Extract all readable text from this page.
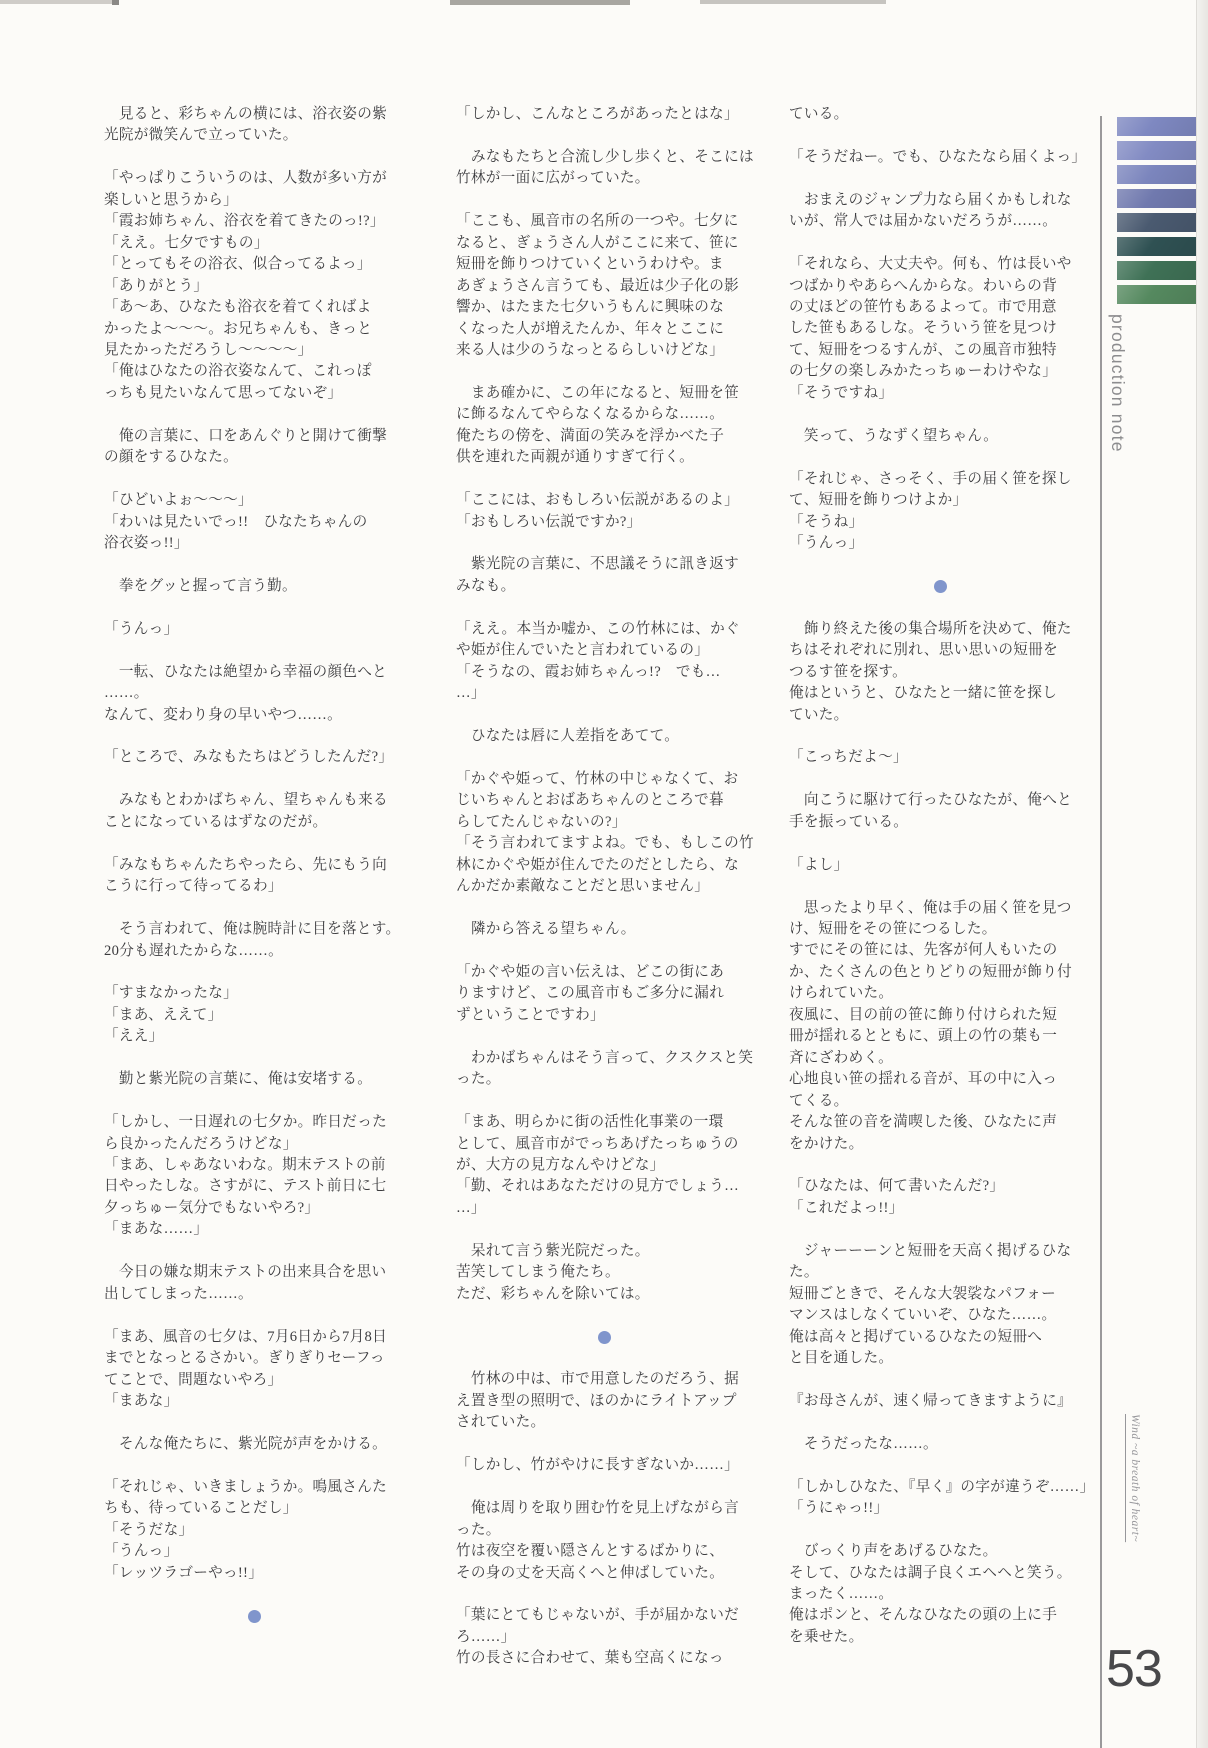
　見ると、彩ちゃんの横には、浴衣姿の紫
光院が微笑んで立っていた。
「やっぱりこういうのは、人数が多い方が
楽しいと思うから」
「霞お姉ちゃん、浴衣を着てきたのっ!?」
「ええ。七夕ですもの」
「とってもその浴衣、似合ってるよっ」
「ありがとう」
「あ〜あ、ひなたも浴衣を着てくればよ
かったよ〜〜〜。お兄ちゃんも、きっと
見たかっただろうし〜〜〜〜」
「俺はひなたの浴衣姿なんて、これっぽ
っちも見たいなんて思ってないぞ」
　俺の言葉に、口をあんぐりと開けて衝撃
の顔をするひなた。
「ひどいよぉ〜〜〜」
「わいは見たいでっ!!　ひなたちゃんの
浴衣姿っ!!」
　拳をグッと握って言う勤。
「うんっ」
　一転、ひなたは絶望から幸福の顔色へと
……。
なんて、変わり身の早いやつ……。
「ところで、みなもたちはどうしたんだ?」
　みなもとわかばちゃん、望ちゃんも来る
ことになっているはずなのだが。
「みなもちゃんたちやったら、先にもう向
こうに行って待ってるわ」
　そう言われて、俺は腕時計に目を落とす。
20分も遅れたからな……。
「すまなかったな」
「まあ、ええて」
「ええ」
　勤と紫光院の言葉に、俺は安堵する。
「しかし、一日遅れの七夕か。昨日だった
ら良かったんだろうけどな」
「まあ、しゃあないわな。期末テストの前
日やったしな。さすがに、テスト前日に七
夕っちゅー気分でもないやろ?」
「まあな……」
　今日の嫌な期末テストの出来具合を思い
出してしまった……。
「まあ、風音の七夕は、7月6日から7月8日
までとなっとるさかい。ぎりぎりセーフっ
てことで、問題ないやろ」
「まあな」
　そんな俺たちに、紫光院が声をかける。
「それじゃ、いきましょうか。鳴風さんた
ちも、待っていることだし」
「そうだな」
「うんっ」
「レッツラゴーやっ!!」
「しかし、こんなところがあったとはな」
　みなもたちと合流し少し歩くと、そこには
竹林が一面に広がっていた。
「ここも、風音市の名所の一つや。七夕に
なると、ぎょうさん人がここに来て、笹に
短冊を飾りつけていくというわけや。ま
あぎょうさん言うても、最近は少子化の影
響か、はたまた七夕いうもんに興味のな
くなった人が増えたんか、年々とここに
来る人は少のうなっとるらしいけどな」
　まあ確かに、この年になると、短冊を笹
に飾るなんてやらなくなるからな……。
俺たちの傍を、満面の笑みを浮かべた子
供を連れた両親が通りすぎて行く。
「ここには、おもしろい伝説があるのよ」
「おもしろい伝説ですか?」
　紫光院の言葉に、不思議そうに訊き返す
みなも。
「ええ。本当か嘘か、この竹林には、かぐ
や姫が住んでいたと言われているの」
「そうなの、霞お姉ちゃんっ!?　でも…
…」
　ひなたは唇に人差指をあてて。
「かぐや姫って、竹林の中じゃなくて、お
じいちゃんとおばあちゃんのところで暮
らしてたんじゃないの?」
「そう言われてますよね。でも、もしこの竹
林にかぐや姫が住んでたのだとしたら、な
んかだか素敵なことだと思いません」
　隣から答える望ちゃん。
「かぐや姫の言い伝えは、どこの街にあ
りますけど、この風音市もご多分に漏れ
ずということですわ」
　わかばちゃんはそう言って、クスクスと笑
った。
「まあ、明らかに街の活性化事業の一環
として、風音市がでっちあげたっちゅうの
が、大方の見方なんやけどな」
「勤、それはあなただけの見方でしょう…
…」
　呆れて言う紫光院だった。
苦笑してしまう俺たち。
ただ、彩ちゃんを除いては。
　竹林の中は、市で用意したのだろう、据
え置き型の照明で、ほのかにライトアップ
されていた。
「しかし、竹がやけに長すぎないか……」
　俺は周りを取り囲む竹を見上げながら言
った。
竹は夜空を覆い隠さんとするばかりに、
その身の丈を天高くへと伸ばしていた。
「葉にとてもじゃないが、手が届かないだ
ろ……」
竹の長さに合わせて、葉も空高くになっ
ている。
「そうだねー。でも、ひなたなら届くよっ」
　おまえのジャンプ力なら届くかもしれな
いが、常人では届かないだろうが……。
「それなら、大丈夫や。何も、竹は長いや
つばかりやあらへんからな。わいらの背
の丈ほどの笹竹もあるよって。市で用意
した笹もあるしな。そういう笹を見つけ
て、短冊をつるすんが、この風音市独特
の七夕の楽しみかたっちゅーわけやな」
「そうですね」
　笑って、うなずく望ちゃん。
「それじゃ、さっそく、手の届く笹を探し
て、短冊を飾りつけよか」
「そうね」
「うんっ」
　飾り終えた後の集合場所を決めて、俺た
ちはそれぞれに別れ、思い思いの短冊を
つるす笹を探す。
俺はというと、ひなたと一緒に笹を探し
ていた。
「こっちだよ〜」
　向こうに駆けて行ったひなたが、俺へと
手を振っている。
「よし」
　思ったより早く、俺は手の届く笹を見つ
け、短冊をその笹につるした。
すでにその笹には、先客が何人もいたの
か、たくさんの色とりどりの短冊が飾り付
けられていた。
夜風に、目の前の笹に飾り付けられた短
冊が揺れるとともに、頭上の竹の葉も一
斉にざわめく。
心地良い笹の揺れる音が、耳の中に入っ
てくる。
そんな笹の音を満喫した後、ひなたに声
をかけた。
「ひなたは、何て書いたんだ?」
「これだよっ!!」
　ジャーーーンと短冊を天高く掲げるひな
た。
短冊ごときで、そんな大袈裟なパフォー
マンスはしなくていいぞ、ひなた……。
俺は高々と掲げているひなたの短冊へ
と目を通した。
『お母さんが、速く帰ってきますように』
　そうだったな……。
「しかしひなた、『早く』の字が違うぞ……」
「うにゃっ!!」
　びっくり声をあげるひなた。
そして、ひなたは調子良くエヘヘと笑う。
まったく……。
俺はポンと、そんなひなたの頭の上に手
を乗せた。
production note
Wind ~a breath of heart~
53
